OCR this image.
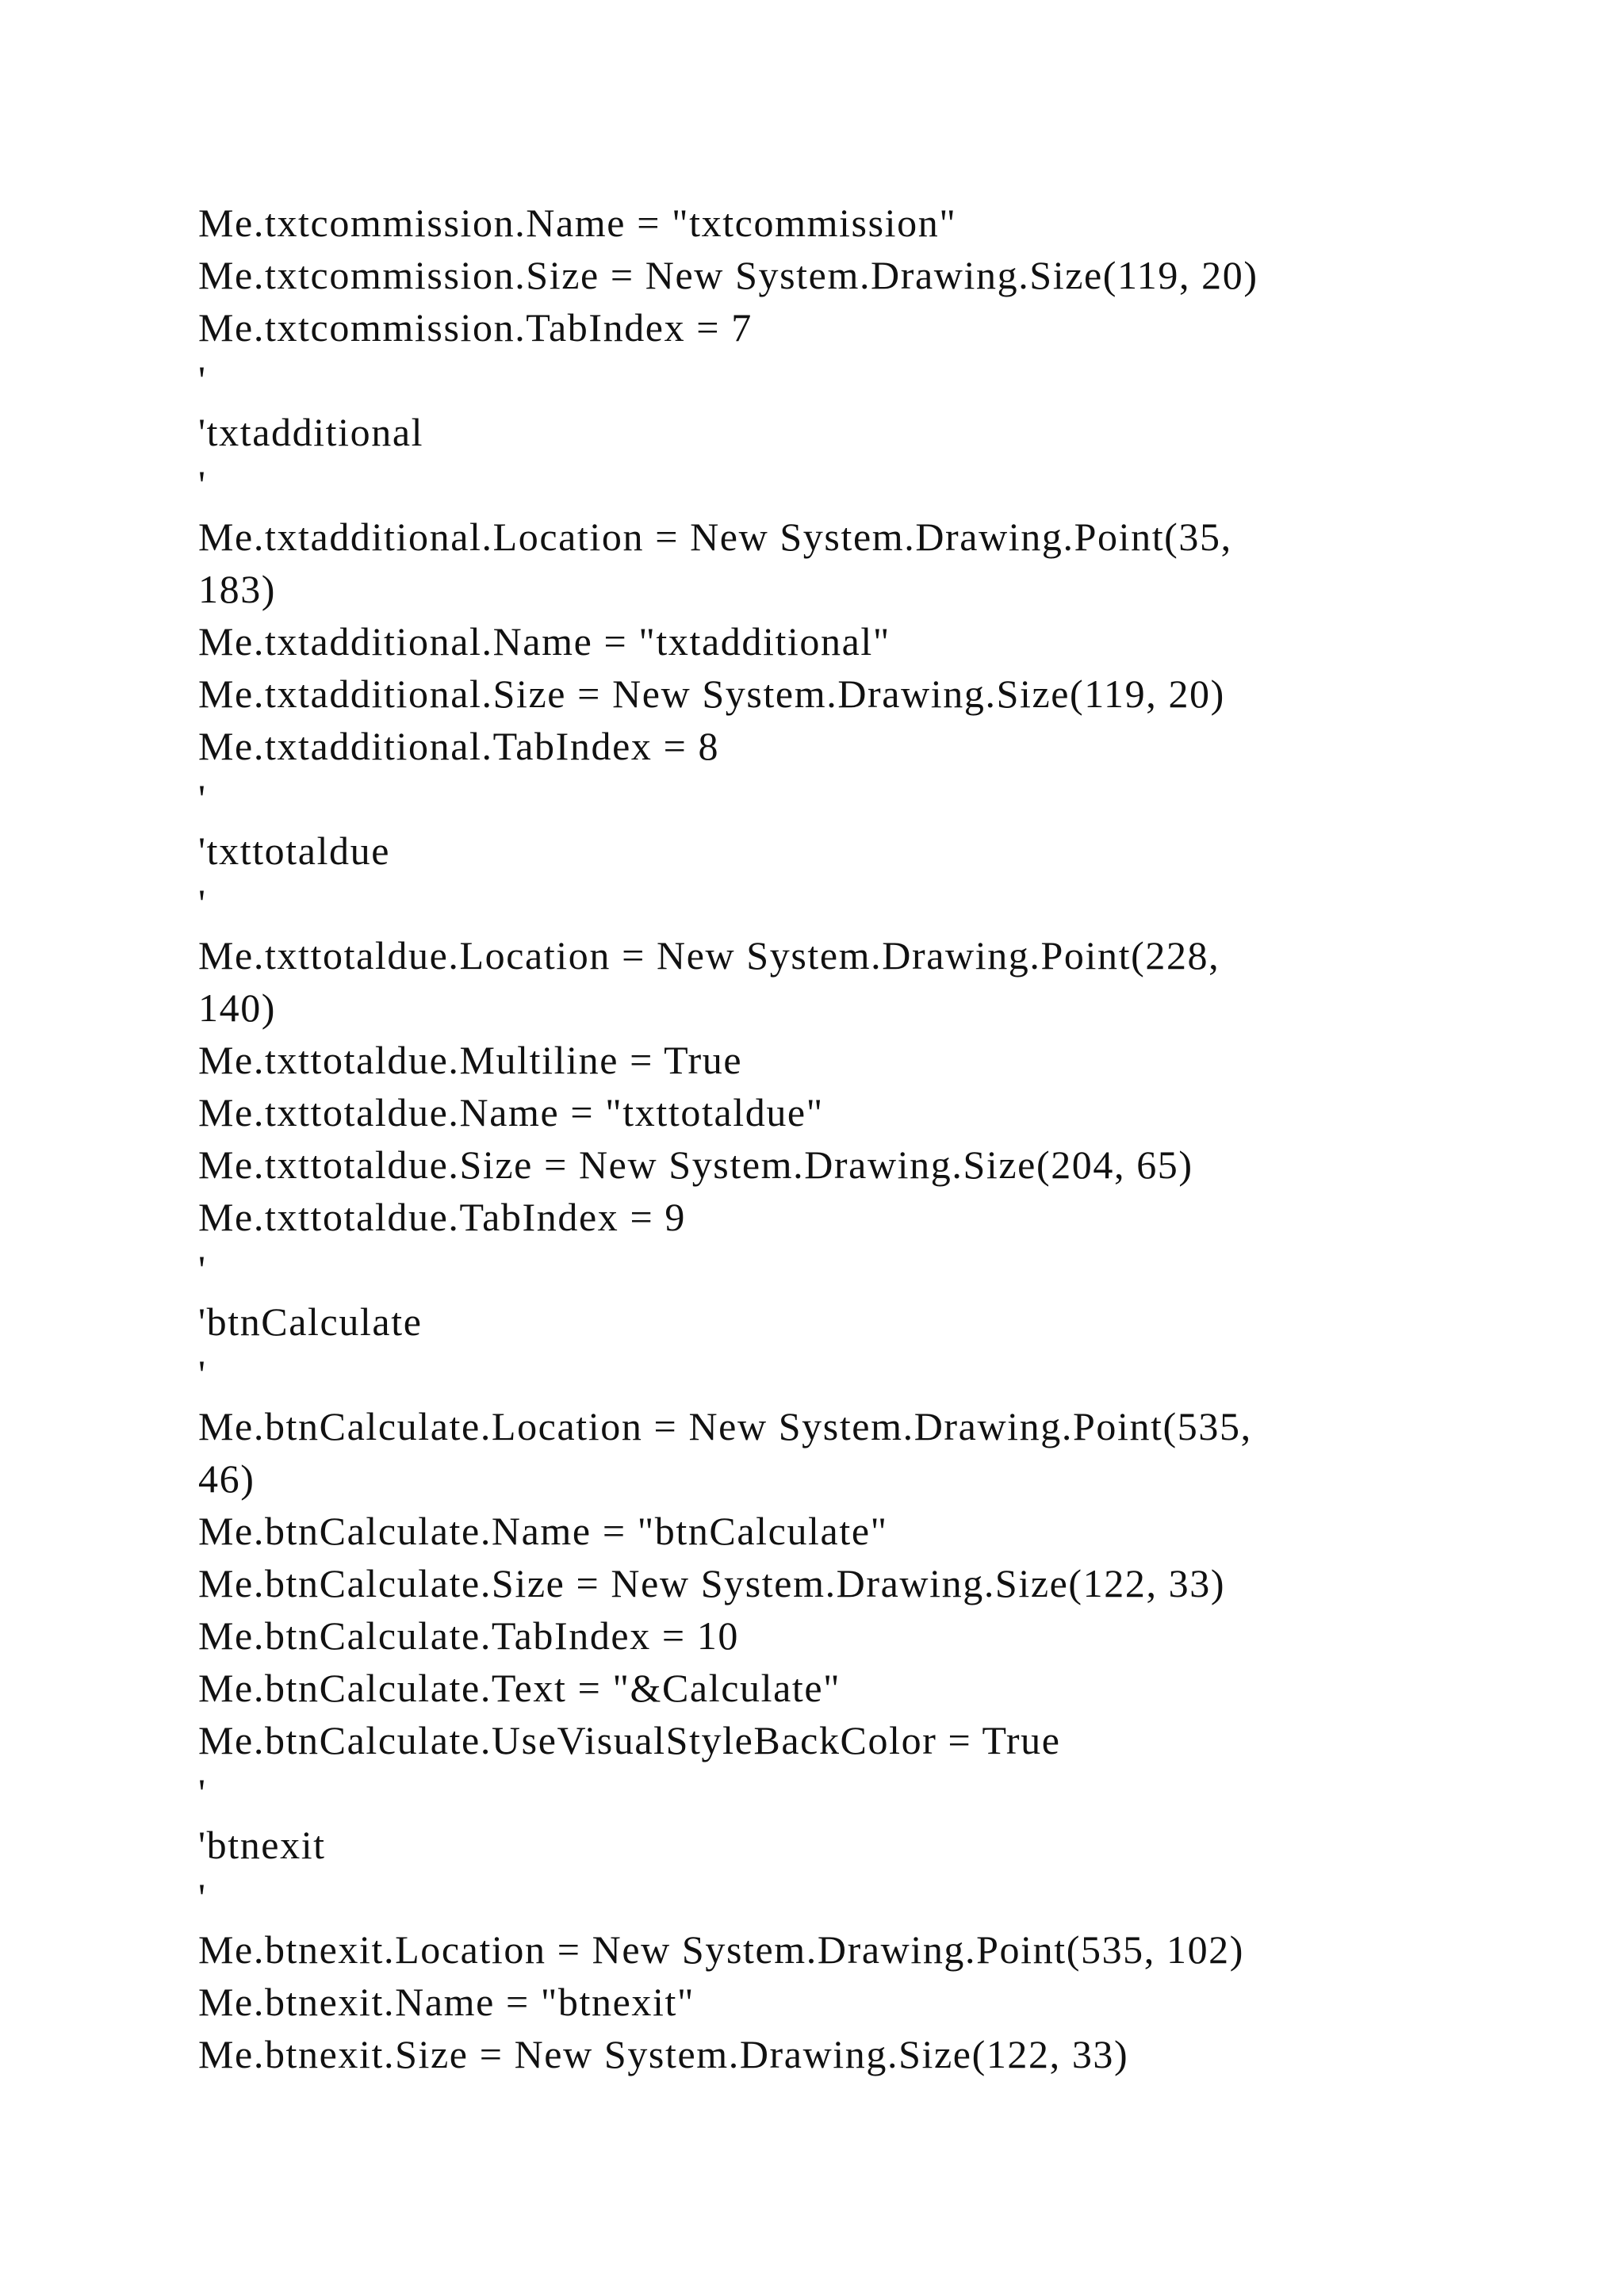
Me.txtcommission.Name = "txtcommission"
Me.txtcommission.Size = New System.Drawing.Size(119, 20)
Me.txtcommission.TabIndex = 7
'
'txtadditional
'
Me.txtadditional.Location = New System.Drawing.Point(35,
183)
Me.txtadditional.Name = "txtadditional"
Me.txtadditional.Size = New System.Drawing.Size(119, 20)
Me.txtadditional.TabIndex = 8
'
'txttotaldue
'
Me.txttotaldue.Location = New System.Drawing.Point(228,
140)
Me.txttotaldue.Multiline = True
Me.txttotaldue.Name = "txttotaldue"
Me.txttotaldue.Size = New System.Drawing.Size(204, 65)
Me.txttotaldue.TabIndex = 9
'
'btnCalculate
'
Me.btnCalculate.Location = New System.Drawing.Point(535,
46)
Me.btnCalculate.Name = "btnCalculate"
Me.btnCalculate.Size = New System.Drawing.Size(122, 33)
Me.btnCalculate.TabIndex = 10
Me.btnCalculate.Text = "&Calculate"
Me.btnCalculate.UseVisualStyleBackColor = True
'
'btnexit
'
Me.btnexit.Location = New System.Drawing.Point(535, 102)
Me.btnexit.Name = "btnexit"
Me.btnexit.Size = New System.Drawing.Size(122, 33)
